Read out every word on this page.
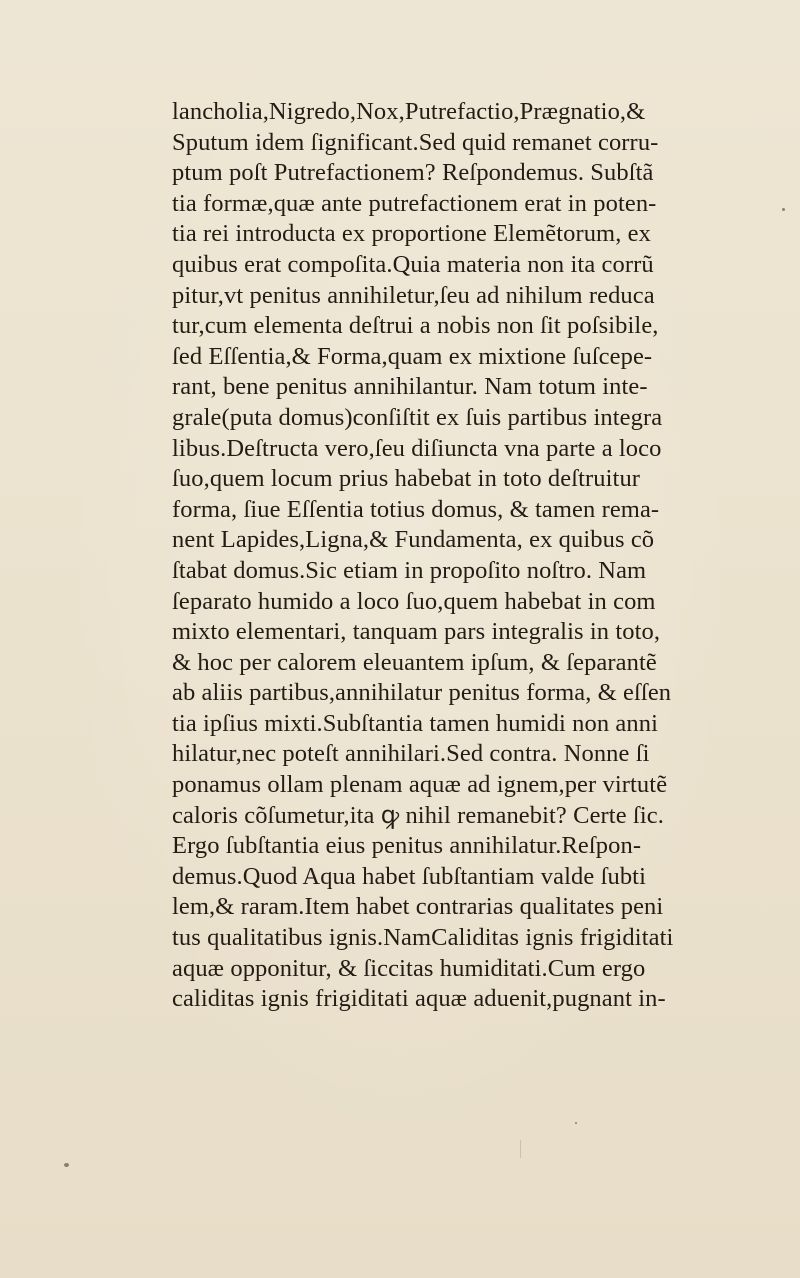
lancholia,Nigredo,Nox,Putrefactio,Prægnatio,&
Sputum idem ſignificant.Sed quid remanet corru-
ptum poſt Putrefactionem? Reſpondemus. Subſtã
tia formæ,quæ ante putrefactionem erat in poten-
tia rei introducta ex proportione Elemẽtorum, ex
quibus erat compoſita.Quia materia non ita corrũ
pitur,vt penitus annihiletur,ſeu ad nihilum reduca
tur,cum elementa deſtrui a nobis non ſit poſsibile,
ſed Eſſentia,& Forma,quam ex mixtione ſuſcepe-
rant, bene penitus annihilantur. Nam totum inte-
grale(puta domus)conſiſtit ex ſuis partibus integra
libus.Deſtructa vero,ſeu diſiuncta vna parte a loco
ſuo,quem locum prius habebat in toto deſtruitur
forma, ſiue Eſſentia totius domus, & tamen rema-
nent Lapides,Ligna,& Fundamenta, ex quibus cõ
ſtabat domus.Sic etiam in propoſito noſtro. Nam
ſeparato humido a loco ſuo,quem habebat in com
mixto elementari, tanquam pars integralis in toto,
& hoc per calorem eleuantem ipſum, & ſeparantẽ
ab aliis partibus,annihilatur penitus forma, & eſſen
tia ipſius mixti.Subſtantia tamen humidi non anni
hilatur,nec poteſt annihilari.Sed contra. Nonne ſi
ponamus ollam plenam aquæ ad ignem,per virtutẽ
caloris cõſumetur,ita ꝙ nihil remanebit? Certe ſic.
Ergo ſubſtantia eius penitus annihilatur.Reſpon-
demus.Quod Aqua habet ſubſtantiam valde ſubti
lem,& raram.Item habet contrarias qualitates peni
tus qualitatibus ignis.NamCaliditas ignis frigiditati
aquæ opponitur, & ſiccitas humiditati.Cum ergo
caliditas ignis frigiditati aquæ aduenit,pugnant in-
